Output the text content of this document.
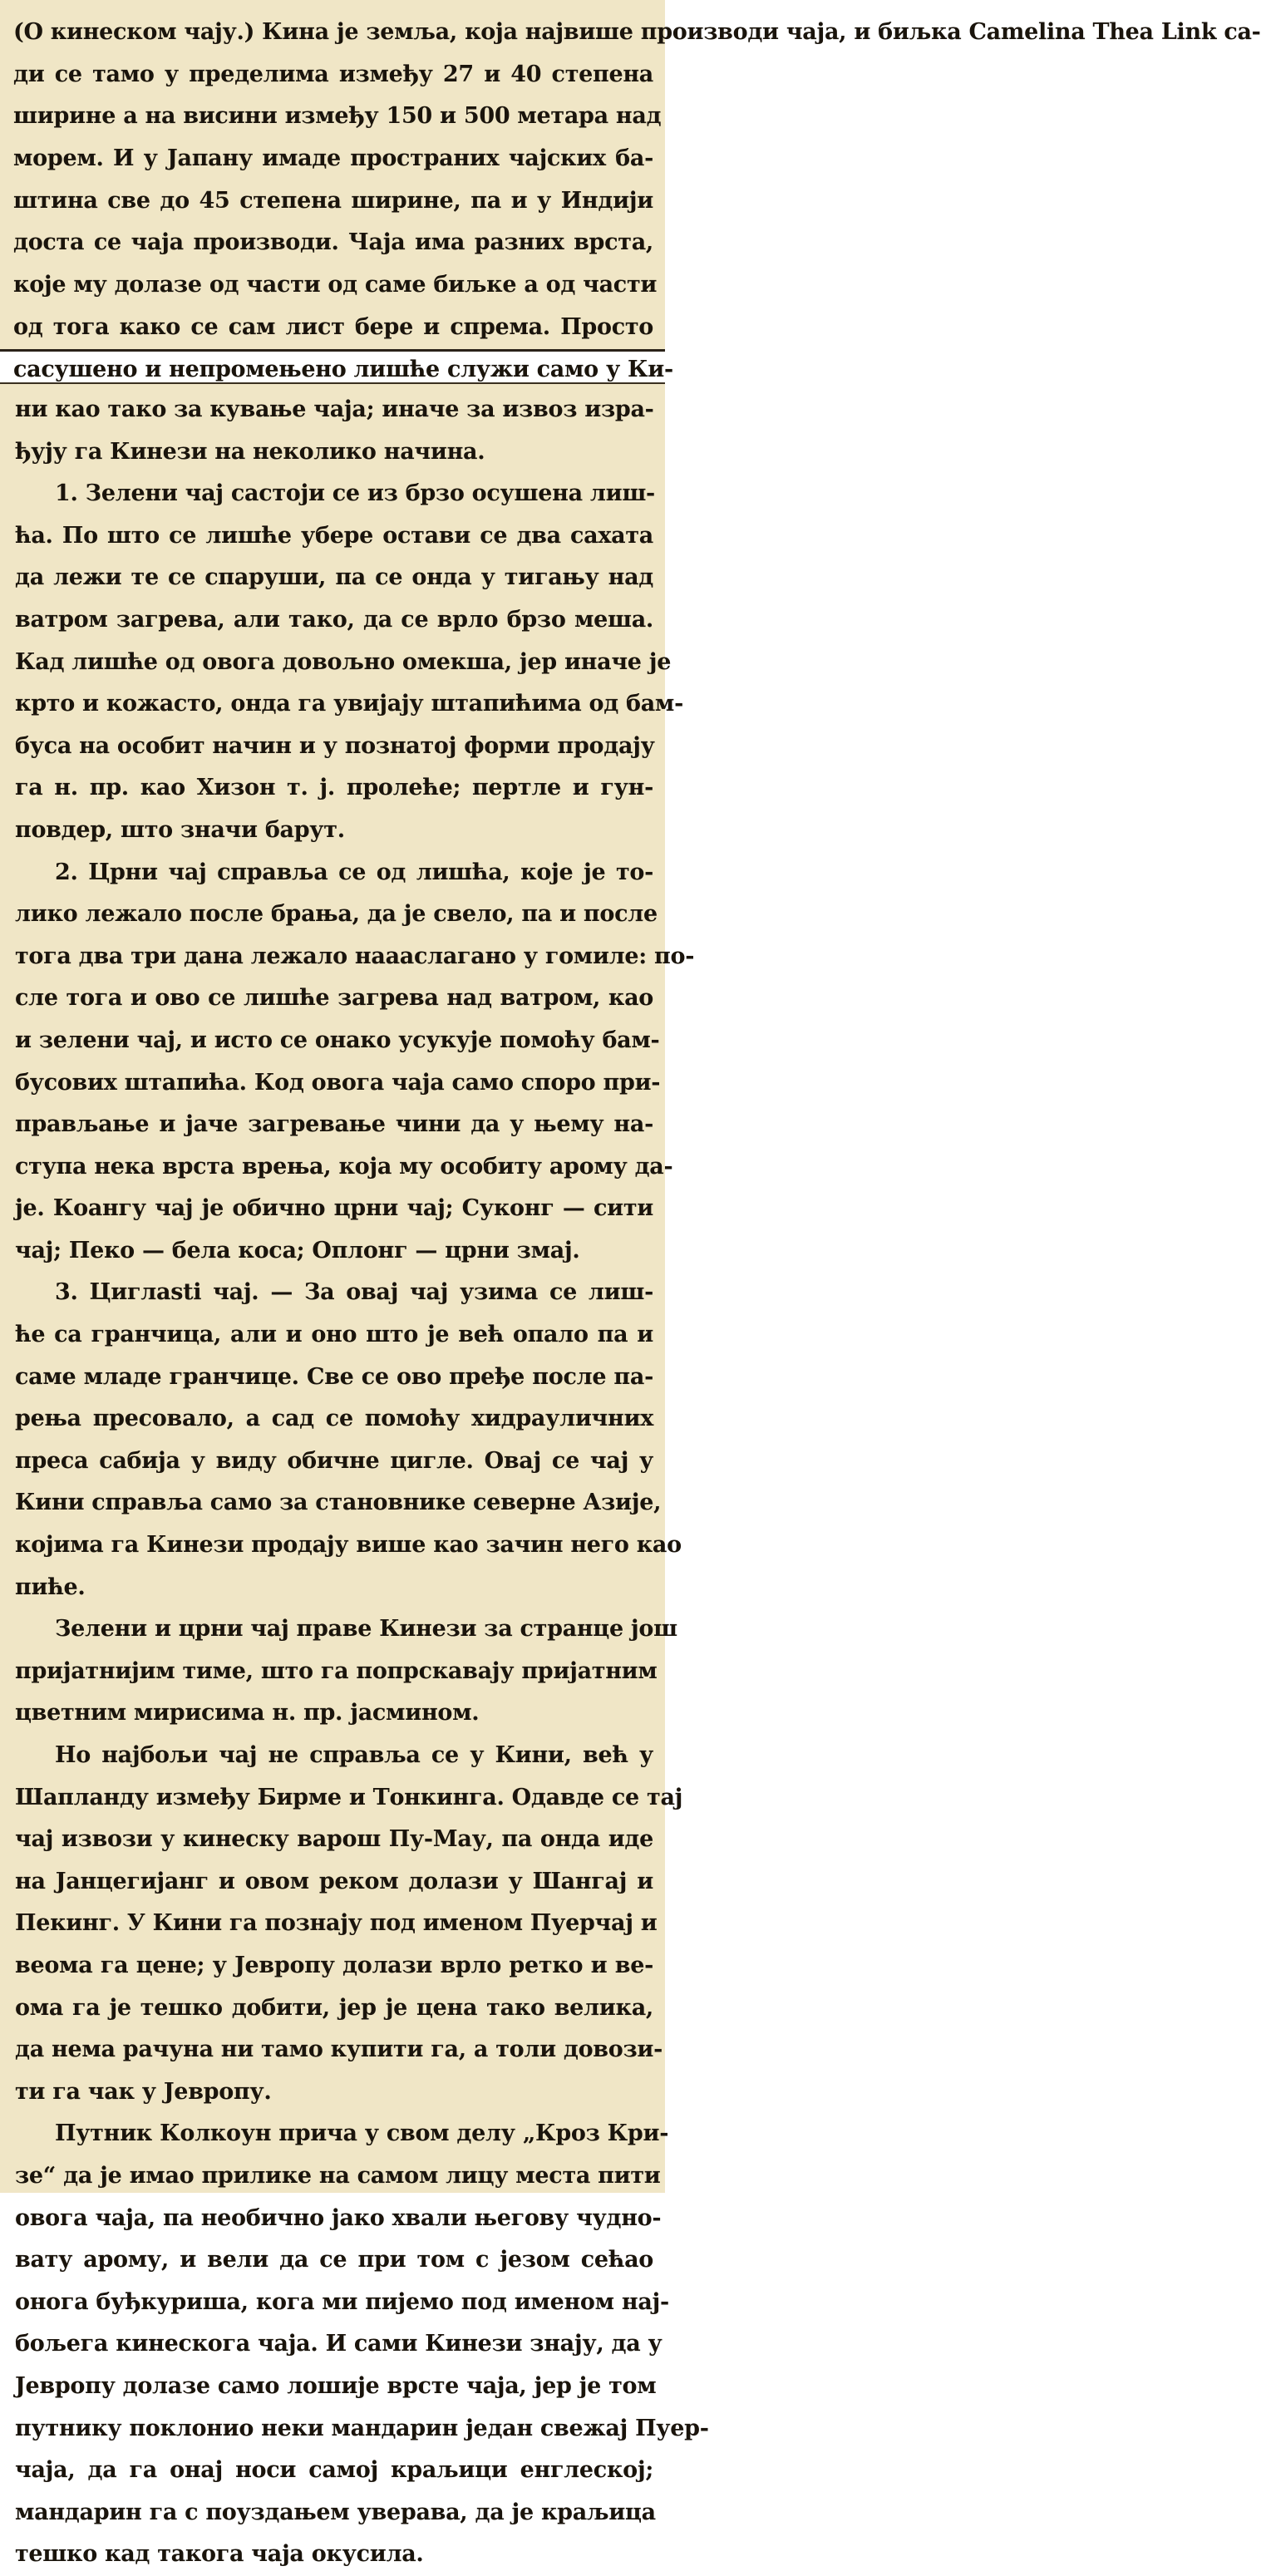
(О кинеском чају.) Кина је земља, која највише производи чаја, и биљка Camelina Thea Link са-
ди се тамо у пределима између 27 и 40 степена
ширине а на висини између 150 и 500 метара над
морем. И у Јапану имаде пространих чајских ба-
штина све до 45 степена ширине, па и у Индији
доста се чаја производи. Чаја има разних врста,
које му долазе од части од саме биљке а од части
од тога како се сам лист бере и спрема. Просто
сасушено и непромењено лишће служи само у Ки-
ни као тако за кување чаја; иначе за извоз изра-
ђују га Кинези на неколико начина.
1. Зелени чај састоји се из брзо осушена лиш-
ћа. По што се лишће убере остави се два сахата
да лежи те се спаруши, па се онда у тигању над
ватром загрева, али тако, да се врло брзо меша.
Кад лишће од овога довољно омекша, јер иначе је
крто и кожасто, онда га увијају штапићима од бам-
буса на особит начин и у познатој форми продају
га н. пр. као Хизон т. ј. пролеће; пертле и гун-
повдер, што значи барут.
2. Црни чај справља се од лишћа, које је то-
лико лежало после брања, да је свело, па и после
тога два три дана лежало наааслагано у гомиле: по-
сле тога и ово се лишће загрева над ватром, као
и зелени чај, и исто се онако усукује помоћу бам-
бусових штапића. Код овога чаја само споро при-
прављање и јаче загревање чини да у њему на-
ступа нека врста врења, која му особиту арому да-
је. Коангу чај је обично црни чај; Суконг — сити
чај; Пеко — бела коса; Оплонг — црни змај.
3. Циглasti чај. — За овај чај узима се лиш-
ће са гранчица, али и оно што је већ опало па и
саме младе гранчице. Све се ово пређе после па-
рења пресовало, а сад се помоћу хидрауличних
преса сабија у виду обичне цигле. Овај се чај у
Кини справља само за становнике северне Азије,
којима га Кинези продају више као зачин него као
пиће.
Зелени и црни чај праве Кинези за странце још
пријатнијим тиме, што га попрскавају пријатним
цветним мирисима н. пр. јасмином.
Но најбољи чај не справља се у Кини, већ у
Шапланду између Бирме и Тонкинга. Одавде се тај
чај извози у кинеску варош Пу-Мау, па онда иде
на Јанцегијанг и овом реком долази у Шангај и
Пекинг. У Кини га познају под именом Пуерчај и
веома га цене; у Јевропу долази врло ретко и ве-
ома га је тешко добити, јер је цена тако велика,
да нема рачуна ни тамо купити га, а толи довози-
ти га чак у Јевропу.
Путник Колкоун прича у свом делу „Кроз Кри-
зе“ да је имао прилике на самом лицу места пити
овога чаја, па необично јако хвали његову чудно-
вату арому, и вели да се при том с језом сећао
онога буђкуриша, кога ми пијемо под именом нај-
бољега кинескога чаја. И сами Кинези знају, да у
Јевропу долазе само лошије врсте чаја, јер је том
путнику поклонио неки мандарин један свежај Пуер-
чаја, да га онај носи самој краљици енглеској;
мандарин га с поуздањем уверава, да је краљица
тешко кад такога чаја окусила.
